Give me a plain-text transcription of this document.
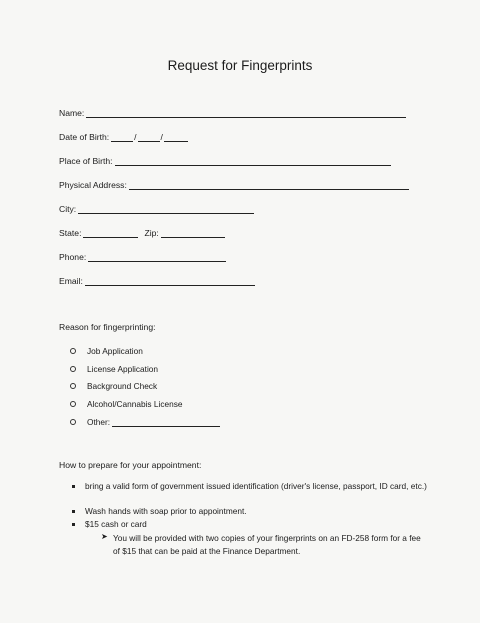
Request for Fingerprints
Name:
Date of Birth:	/	/
Place of Birth:
Physical Address:
City:
State:	Zip:
Phone:
Email:
Reason for fingerprinting:
Job Application
License Application
Background Check
Alcohol/Cannabis License
Other:
How to prepare for your appointment:
bring a valid form of government issued identification (driver's license, passport, ID card, etc.)
Wash hands with soap prior to appointment.
$15 cash or card
➤ You will be provided with two copies of your fingerprints on an FD-258 form for a fee of $15 that can be paid at the Finance Department.
